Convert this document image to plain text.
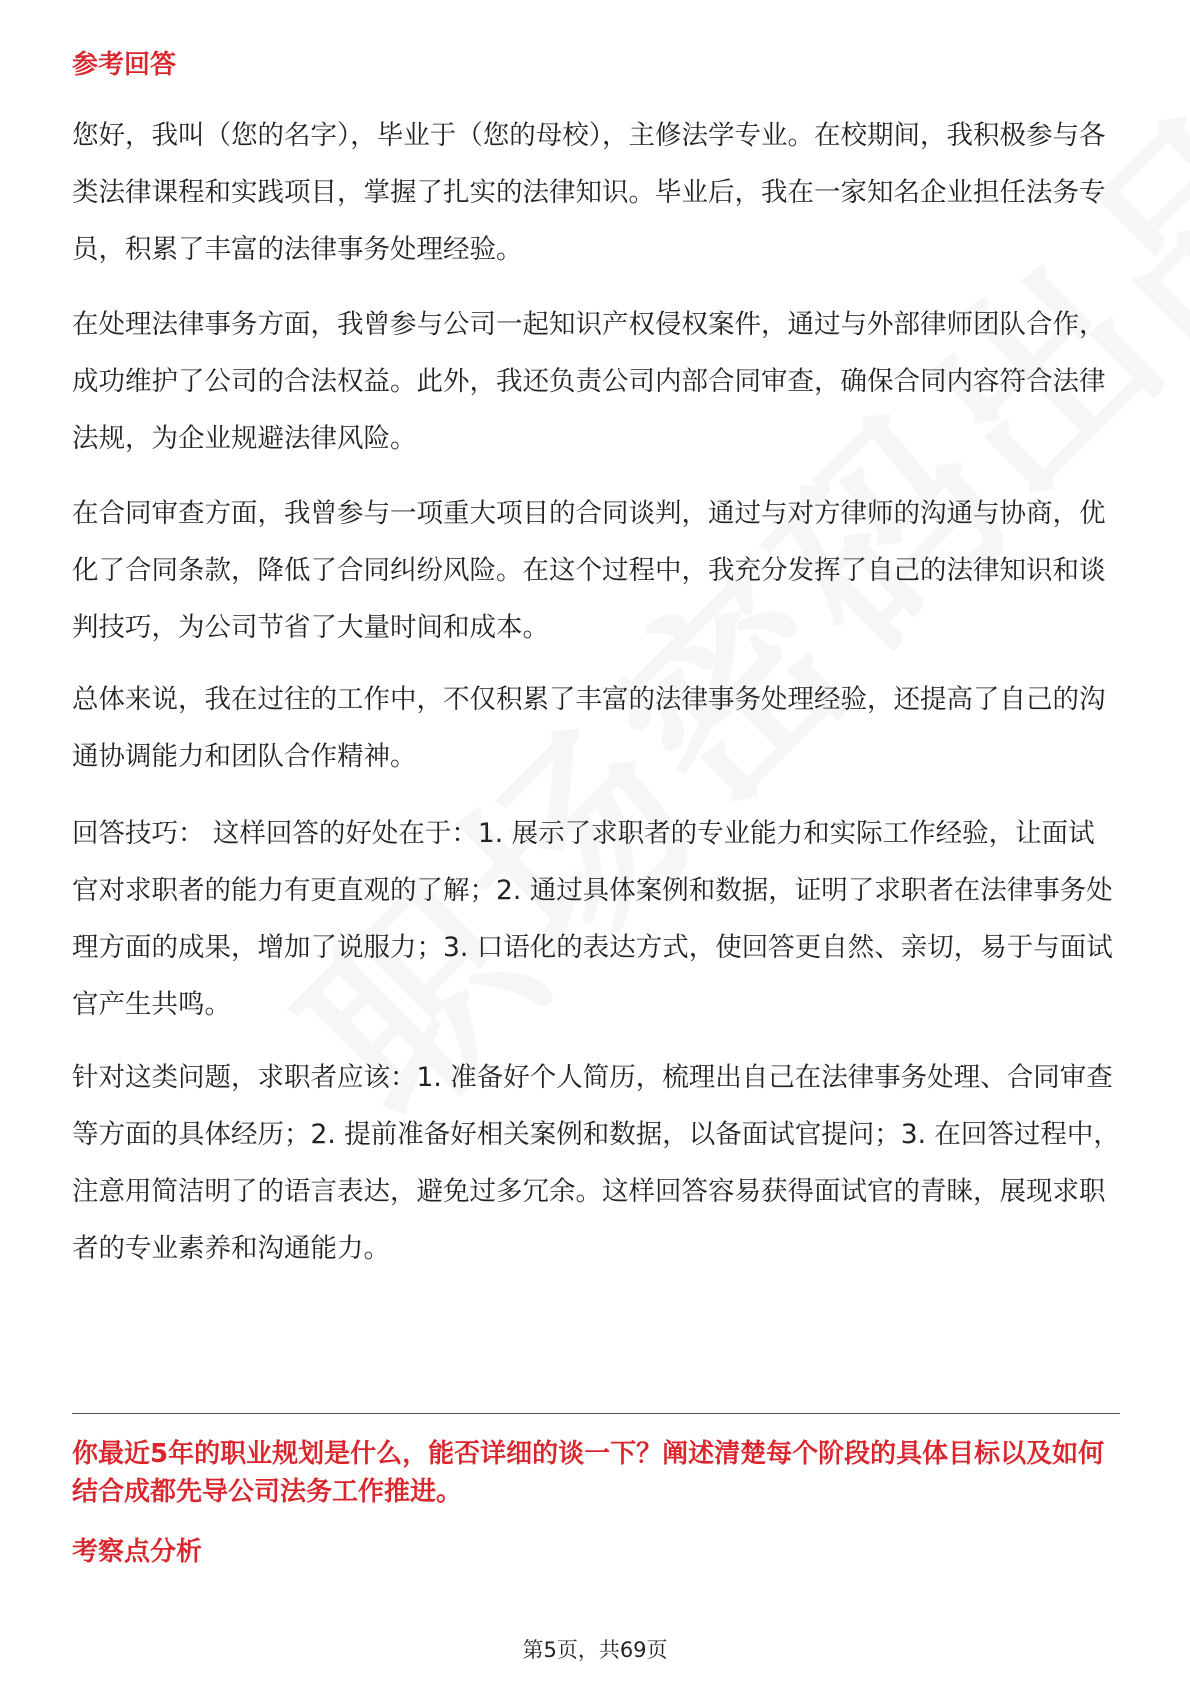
参考回答

您好，我叫（您的名字），毕业于（您的母校），主修法学专业。在校期间，我积极参与各类法律课程和实践项目，掌握了扎实的法律知识。毕业后，我在一家知名企业担任法务专员，积累了丰富的法律事务处理经验。

在处理法律事务方面，我曾参与公司一起知识产权侵权案件，通过与外部律师团队合作，成功维护了公司的合法权益。此外，我还负责公司内部合同审查，确保合同内容符合法律法规，为企业规避法律风险。

在合同审查方面，我曾参与一项重大项目的合同谈判，通过与对方律师的沟通与协商，优化了合同条款，降低了合同纠纷风险。在这个过程中，我充分发挥了自己的法律知识和谈判技巧，为公司节省了大量时间和成本。

总体来说，我在过往的工作中，不仅积累了丰富的法律事务处理经验，还提高了自己的沟通协调能力和团队合作精神。

回答技巧： 这样回答的好处在于：1. 展示了求职者的专业能力和实际工作经验，让面试官对求职者的能力有更直观的了解；2. 通过具体案例和数据，证明了求职者在法律事务处理方面的成果，增加了说服力；3. 口语化的表达方式，使回答更自然、亲切，易于与面试官产生共鸣。

针对这类问题，求职者应该：1. 准备好个人简历，梳理出自己在法律事务处理、合同审查等方面的具体经历；2. 提前准备好相关案例和数据，以备面试官提问；3. 在回答过程中，注意用简洁明了的语言表达，避免过多冗余。这样回答容易获得面试官的青睐，展现求职者的专业素养和沟通能力。

你最近5年的职业规划是什么，能否详细的谈一下？阐述清楚每个阶段的具体目标以及如何结合成都先导公司法务工作推进。

考察点分析

第5页，共69页
